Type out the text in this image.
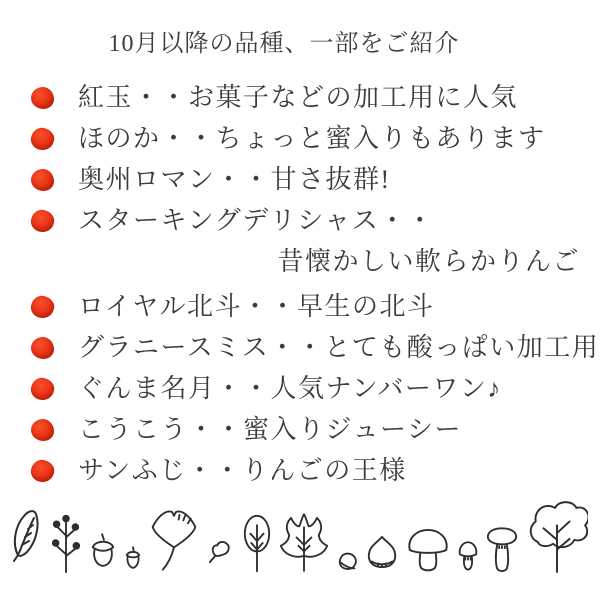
10月以降の品種、一部をご紹介
紅玉・・お菓子などの加工用に人気
ほのか・・ちょっと蜜入りもあります
奥州ロマン・・甘さ抜群!
スターキングデリシャス・・
昔懐かしい軟らかりんご
ロイヤル北斗・・早生の北斗
グラニースミス・・とても酸っぱい加工用
ぐんま名月・・人気ナンバーワン♪
こうこう・・蜜入りジューシー
サンふじ・・りんごの王様
